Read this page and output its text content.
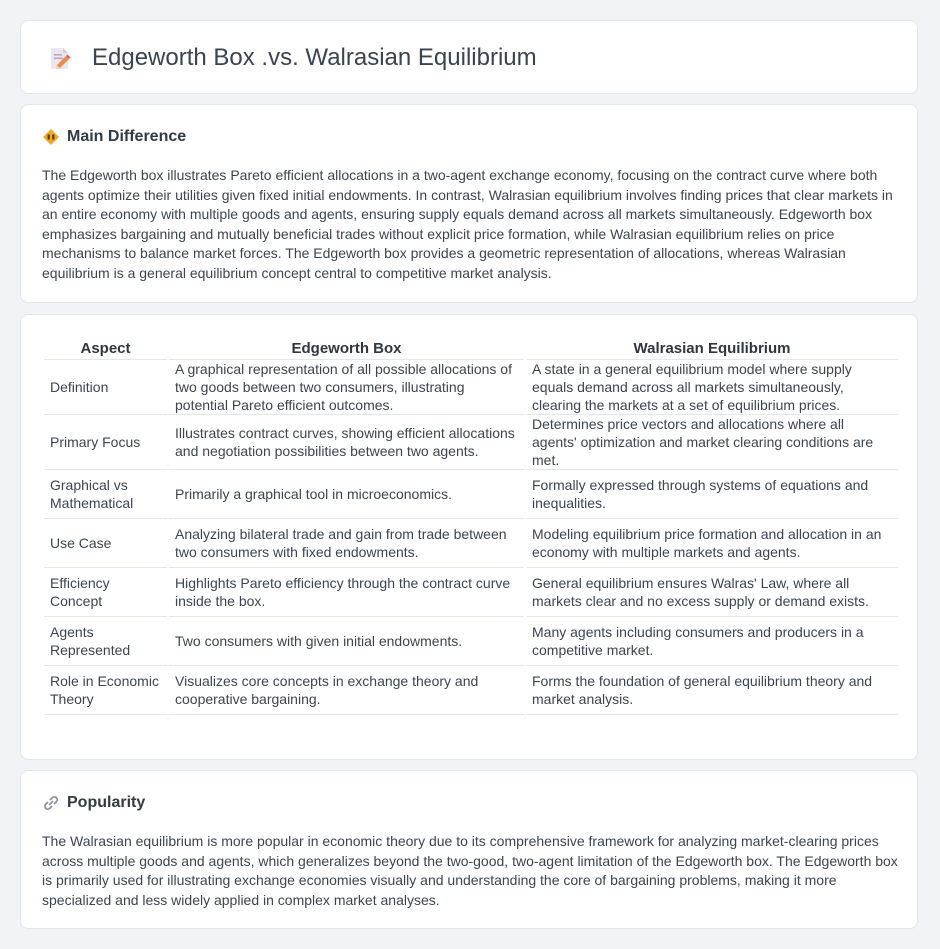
Edgeworth Box .vs. Walrasian Equilibrium
Main Difference

The Edgeworth box illustrates Pareto efficient allocations in a two-agent exchange economy, focusing on the contract curve where both agents optimize their utilities given fixed initial endowments. In contrast, Walrasian equilibrium involves finding prices that clear markets in an entire economy with multiple goods and agents, ensuring supply equals demand across all markets simultaneously. Edgeworth box emphasizes bargaining and mutually beneficial trades without explicit price formation, while Walrasian equilibrium relies on price mechanisms to balance market forces. The Edgeworth box provides a geometric representation of allocations, whereas Walrasian equilibrium is a general equilibrium concept central to competitive market analysis.

Aspect	Edgeworth Box	Walrasian Equilibrium
Definition	A graphical representation of all possible allocations of two goods between two consumers, illustrating potential Pareto efficient outcomes.	A state in a general equilibrium model where supply equals demand across all markets simultaneously, clearing the markets at a set of equilibrium prices.
Primary Focus	Illustrates contract curves, showing efficient allocations and negotiation possibilities between two agents.	Determines price vectors and allocations where all agents' optimization and market clearing conditions are met.
Graphical vs Mathematical	Primarily a graphical tool in microeconomics.	Formally expressed through systems of equations and inequalities.
Use Case	Analyzing bilateral trade and gain from trade between two consumers with fixed endowments.	Modeling equilibrium price formation and allocation in an economy with multiple markets and agents.
Efficiency Concept	Highlights Pareto efficiency through the contract curve inside the box.	General equilibrium ensures Walras' Law, where all markets clear and no excess supply or demand exists.
Agents Represented	Two consumers with given initial endowments.	Many agents including consumers and producers in a competitive market.
Role in Economic Theory	Visualizes core concepts in exchange theory and cooperative bargaining.	Forms the foundation of general equilibrium theory and market analysis.
Popularity

The Walrasian equilibrium is more popular in economic theory due to its comprehensive framework for analyzing market-clearing prices across multiple goods and agents, which generalizes beyond the two-good, two-agent limitation of the Edgeworth box. The Edgeworth box is primarily used for illustrating exchange economies visually and understanding the core of bargaining problems, making it more specialized and less widely applied in complex market analyses.
